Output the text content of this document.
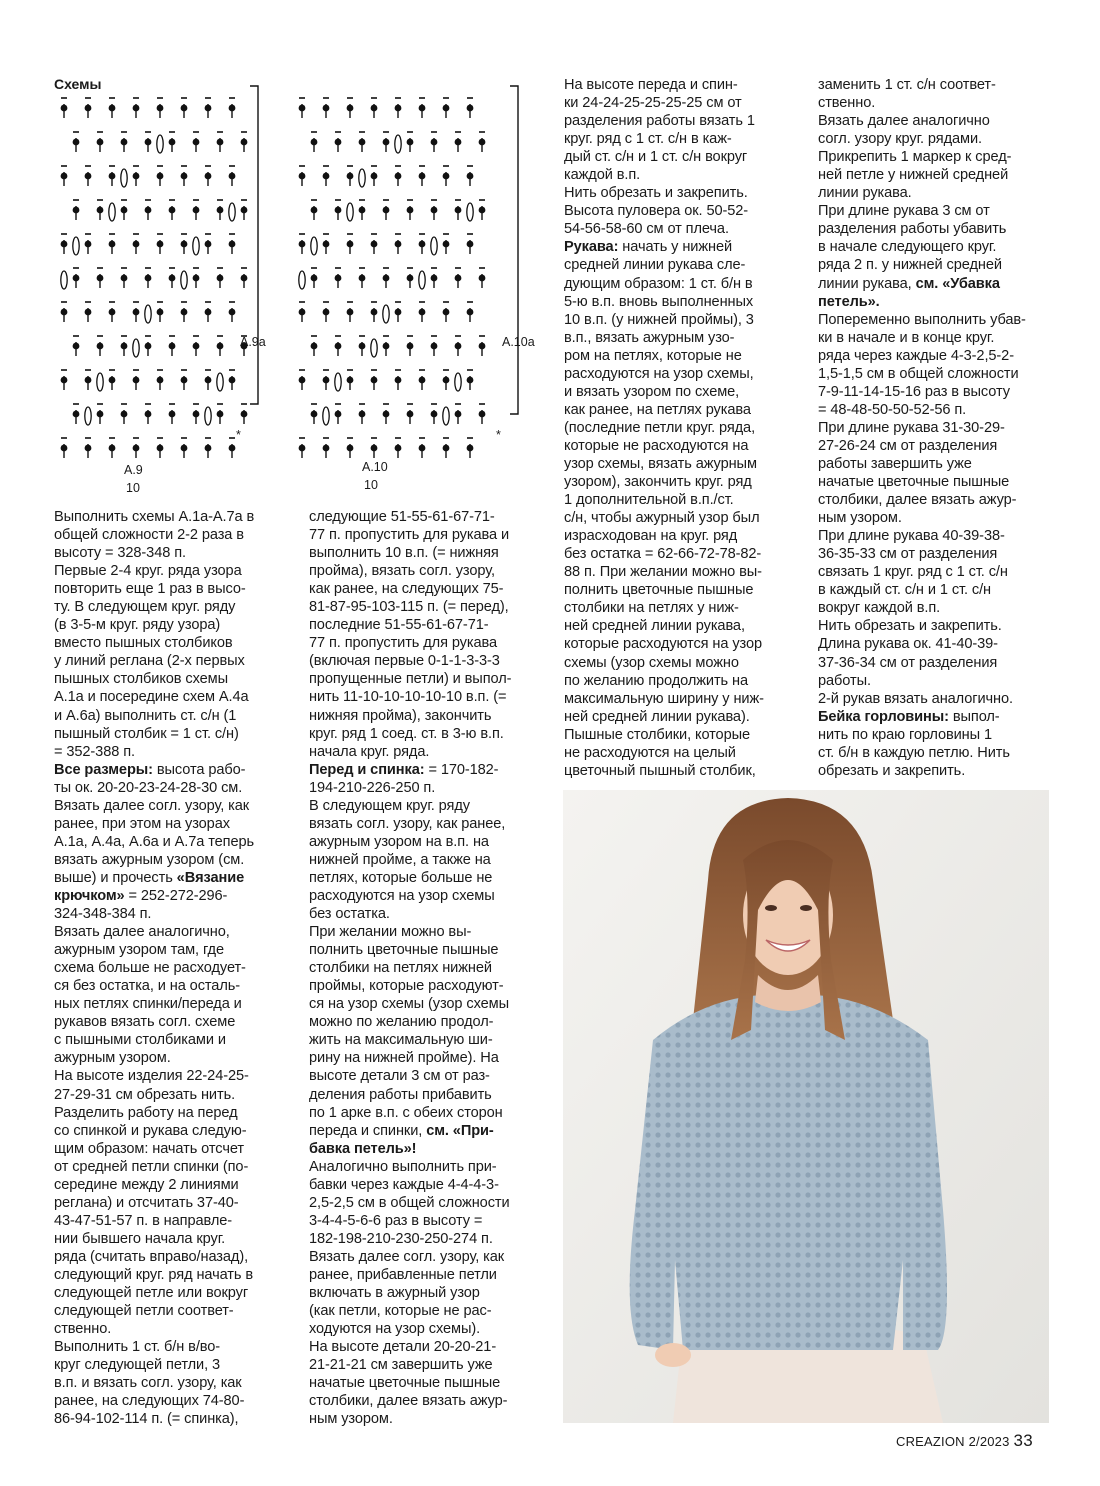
Схемы
A.9a
A.9
10
*
A.10a
A.10
10
*

Выполнить схемы А.1а-А.7а в

общей сложности 2-2 раза в

высоту = 328-348 п.

Первые 2-4 круг. ряда узора

повторить еще 1 раз в высо-

ту. В следующем круг. ряду

(в 3-5-м круг. ряду узора)

вместо пышных столбиков

у линий реглана (2-х первых

пышных столбиков схемы

А.1а и посередине схем А.4а

и А.6а) выполнить ст. с/н (1

пышный столбик = 1 ст. с/н)

= 352-388 п.

Все размеры: высота рабо-

ты ок. 20-20-23-24-28-30 см.

Вязать далее согл. узору, как

ранее, при этом на узорах

А.1а, А.4а, А.6а и А.7а теперь

вязать ажурным узором (см.

выше) и прочесть «Вязание

крючком» = 252-272-296-

324-348-384 п.

Вязать далее аналогично,

ажурным узором там, где

схема больше не расходует-

ся без остатка, и на осталь-

ных петлях спинки/переда и

рукавов вязать согл. схеме

с пышными столбиками и

ажурным узором.

На высоте изделия 22-24-25-

27-29-31 см обрезать нить.

Разделить работу на перед

со спинкой и рукава следую-

щим образом: начать отсчет

от средней петли спинки (по-

середине между 2 линиями

реглана) и отсчитать 37-40-

43-47-51-57 п. в направле-

нии бывшего начала круг.

ряда (считать вправо/назад),

следующий круг. ряд начать в

следующей петле или вокруг

следующей петли соответ-

ственно.

Выполнить 1 ст. б/н в/во-

круг следующей петли, 3

в.п. и вязать согл. узору, как

ранее, на следующих 74-80-

86-94-102-114 п. (= спинка),

следующие 51-55-61-67-71-

77 п. пропустить для рукава и

выполнить 10 в.п. (= нижняя

пройма), вязать согл. узору,

как ранее, на следующих 75-

81-87-95-103-115 п. (= перед),

последние 51-55-61-67-71-

77 п. пропустить для рукава

(включая первые 0-1-1-3-3-3

пропущенные петли) и выпол-

нить 11-10-10-10-10-10 в.п. (=

нижняя пройма), закончить

круг. ряд 1 соед. ст. в 3-ю в.п.

начала круг. ряда.

Перед и спинка: = 170-182-

194-210-226-250 п.

В следующем круг. ряду

вязать согл. узору, как ранее,

ажурным узором на в.п. на

нижней пройме, а также на

петлях, которые больше не

расходуются на узор схемы

без остатка.

При желании можно вы-

полнить цветочные пышные

столбики на петлях нижней

проймы, которые расходуют-

ся на узор схемы (узор схемы

можно по желанию продол-

жить на максимальную ши-

рину на нижней пройме). На

высоте детали 3 см от раз-

деления работы прибавить

по 1 арке в.п. с обеих сторон

переда и спинки, см. «При-

бавка петель»!

Аналогично выполнить при-

бавки через каждые 4-4-4-3-

2,5-2,5 см в общей сложности

3-4-4-5-6-6 раз в высоту =

182-198-210-230-250-274 п.

Вязать далее согл. узору, как

ранее, прибавленные петли

включать в ажурный узор

(как петли, которые не рас-

ходуются на узор схемы).

На высоте детали 20-20-21-

21-21-21 см завершить уже

начатые цветочные пышные

столбики, далее вязать ажур-

ным узором.

На высоте переда и спин-

ки 24-24-25-25-25-25 см от

разделения работы вязать 1

круг. ряд с 1 ст. с/н в каж-

дый ст. с/н и 1 ст. с/н вокруг

каждой в.п.

Нить обрезать и закрепить.

Высота пуловера ок. 50-52-

54-56-58-60 см от плеча.

Рукава: начать у нижней

средней линии рукава сле-

дующим образом: 1 ст. б/н в

5-ю в.п. вновь выполненных

10 в.п. (у нижней проймы), 3

в.п., вязать ажурным узо-

ром на петлях, которые не

расходуются на узор схемы,

и вязать узором по схеме,

как ранее, на петлях рукава

(последние петли круг. ряда,

которые не расходуются на

узор схемы, вязать ажурным

узором), закончить круг. ряд

1 дополнительной в.п./ст.

с/н, чтобы ажурный узор был

израсходован на круг. ряд

без остатка = 62-66-72-78-82-

88 п. При желании можно вы-

полнить цветочные пышные

столбики на петлях у ниж-

ней средней линии рукава,

которые расходуются на узор

схемы (узор схемы можно

по желанию продолжить на

максимальную ширину у ниж-

ней средней линии рукава).

Пышные столбики, которые

не расходуются на целый

цветочный пышный столбик,

заменить 1 ст. с/н соответ-

ственно.

Вязать далее аналогично

согл. узору круг. рядами.

Прикрепить 1 маркер к сред-

ней петле у нижней средней

линии рукава.

При длине рукава 3 см от

разделения работы убавить

в начале следующего круг.

ряда 2 п. у нижней средней

линии рукава, см. «Убавка

петель».

Попеременно выполнить убав-

ки в начале и в конце круг.

ряда через каждые 4-3-2,5-2-

1,5-1,5 см в общей сложности

7-9-11-14-15-16 раз в высоту

= 48-48-50-50-52-56 п.

При длине рукава 31-30-29-

27-26-24 см от разделения

работы завершить уже

начатые цветочные пышные

столбики, далее вязать ажур-

ным узором.

При длине рукава 40-39-38-

36-35-33 см от разделения

связать 1 круг. ряд с 1 ст. с/н

в каждый ст. с/н и 1 ст. с/н

вокруг каждой в.п.

Нить обрезать и закрепить.

Длина рукава ок. 41-40-39-

37-36-34 см от разделения

работы.

2-й рукав вязать аналогично.

Бейка горловины: выпол-

нить по краю горловины 1

ст. б/н в каждую петлю. Нить

обрезать и закрепить.

CREAZION 2/2023 33
